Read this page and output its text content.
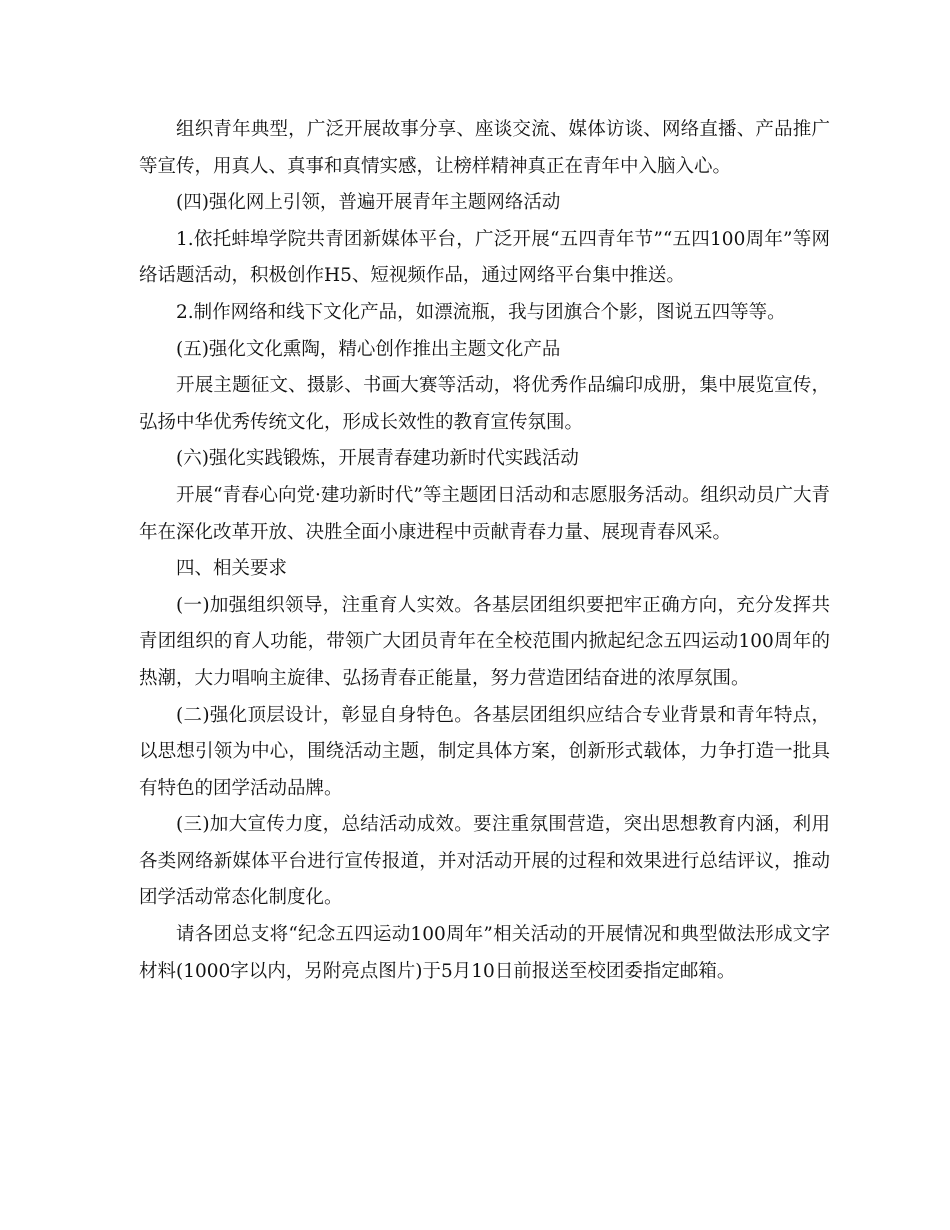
组织青年典型，广泛开展故事分享、座谈交流、媒体访谈、网络直播、产品推广等宣传，用真人、真事和真情实感，让榜样精神真正在青年中入脑入心。

(四)强化网上引领，普遍开展青年主题网络活动

1.依托蚌埠学院共青团新媒体平台，广泛开展“五四青年节”“五四100周年”等网络话题活动，积极创作H5、短视频作品，通过网络平台集中推送。

2.制作网络和线下文化产品，如漂流瓶，我与团旗合个影，图说五四等等。

(五)强化文化熏陶，精心创作推出主题文化产品

开展主题征文、摄影、书画大赛等活动，将优秀作品编印成册，集中展览宣传，弘扬中华优秀传统文化，形成长效性的教育宣传氛围。

(六)强化实践锻炼，开展青春建功新时代实践活动

开展“青春心向党·建功新时代”等主题团日活动和志愿服务活动。组织动员广大青年在深化改革开放、决胜全面小康进程中贡献青春力量、展现青春风采。

四、相关要求

(一)加强组织领导，注重育人实效。各基层团组织要把牢正确方向，充分发挥共青团组织的育人功能，带领广大团员青年在全校范围内掀起纪念五四运动100周年的热潮，大力唱响主旋律、弘扬青春正能量，努力营造团结奋进的浓厚氛围。

(二)强化顶层设计，彰显自身特色。各基层团组织应结合专业背景和青年特点，以思想引领为中心，围绕活动主题，制定具体方案，创新形式载体，力争打造一批具有特色的团学活动品牌。

(三)加大宣传力度，总结活动成效。要注重氛围营造，突出思想教育内涵，利用各类网络新媒体平台进行宣传报道，并对活动开展的过程和效果进行总结评议，推动团学活动常态化制度化。

请各团总支将“纪念五四运动100周年”相关活动的开展情况和典型做法形成文字材料(1000字以内，另附亮点图片)于5月10日前报送至校团委指定邮箱。
